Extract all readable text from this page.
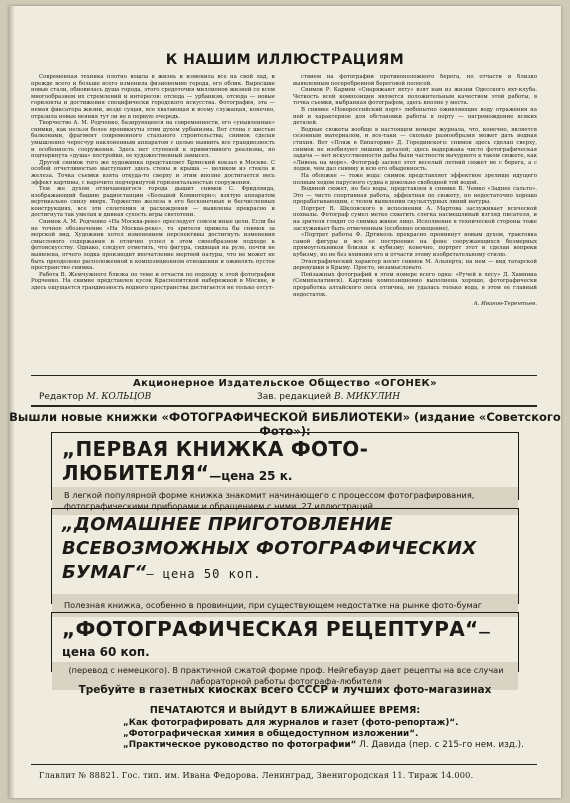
К НАШИМ ИЛЛЮСТРАЦИЯМ

Современная техника плотно вошла в жизнь и изменила все на свой лад, и прежде всего и больше всего изменила физиономию города, его облик. Выросшие новые стали, обновилась душа города, этого средоточия миллионов жизней со всем многообразием их стремлений и интересов: отсюда — урбанизм, отсюда — новые горизонты и достижения специфически городского искусства. Фотография, эта — немая фиксатора жизни, везде сущая, все хватающая и всему служащая, конечно, отразила новые веяния тут ли не в первую очередь.

Творчество А. М. Родченко, базирующееся на современности, его «унывленные» снимки, как нельзя более проникнуты этим духом урбанизма. Вот стена с шестью балконами, фрагмент современного стального строительства; снимок сделан умышленно чересчур наклоненным аппаратом с целью выявить все грандиозность и особенность сооружения. Здесь нет ступеней к примитивного реализма, но подчеркнута «душа» постройки, ее художественный замысел.

Другой снимок того же художника представляет Брянский вокзал в Москве. С особой отчетливостью выступают здесь стены и крыша — целиком из стекла и железа. Точка съемки взята откуда-то сверху и этим вполне достигается весь эффект картины, с нарочито подчеркнутой горизонтальностью сооружения.

Тем же духом отличающегося города дышит снимок С. Фридлянда, изображающий башню радиостанции «Большой Коминтерн»; взятую аппаратом вертикально снизу вверх. Торжество железа в его бесконечных и бесчисленных конструкциях, все эти сплетения и расхождения — выявлены прекрасно и достигнута так умелая и дивная сухость игры светотени.

Снимок А. М. Родченко «На Москва-реке» преследует совсем иные цели. Если бы не точное обозначение «На Москва-реке», то зрителя привела бы снимок за морской вид. Художник хотел изменением перспективы достигнуть изменения смыслового содержания и отлично успел в этом своеобразном подходе к фотоискусству. Однако, следует отметить, что фигура, сидящая на руле, почти не выявлена, отчего лодка производит впечатление мертвой натуры, что не может не быть преодолено расположенной в композиционном отношении и оживлять пустое пространство снимка.

Работа В. Жемчужного близка по теме и отчасти по подходу к этой фотографии Родченко. На снимке представлен кусок Краснопитской набережной в Москве, и здесь ощущается грандиозность водного пространства достигается не только отсут-

ствием на фотографии противоположного берега, но отчасти и близко выявленным посеребренной береговой полосой.

Снимок Р. Кармен «Снаряжают яхту» взят нам из жизни Одесского яхт-клуба. Четкость всей композиции является положительным качеством этой работы, в точка съемки, выбранная фотографом, здесь вполне у места.

В снимке «Новороссийский порт» любопытно оживляющие воду отражения на ней и характерное для обстановки работы в порту — нагромождение всяких деталей.

Водные сюжеты вообще в настоящем номере журнала, что, конечно, является сезонным материалом, и все-таки — сколько разнообразия может дать водная стихия. Вот «Пляж в Евпатории» Д. Городинского: снимок здесь сделан сверху, снимок не изобилуют лишних деталей; здесь выдержана чисто фотографическая задача — нет искусственности дабы были частности вычурного в таком сюжете, как «Ливень на море». Фотограф заснял этот веселый летний сюжет не с берега, а с лодки, чем дал снимку и всю его обыденность.

На обложке — тоже вода: снимок представляет эффектное зрелище идущего полным ходом парусного судна в довольно свободной той водой.

Водяной сюжет, но без воды, представлен в снимке В. Чемко «Заднее сальто». Это — чисто спортивная работа, эффектная по сюжету, по недостаточно хорошо прорабатывающим, с телом выявлении скульптурных линий натуры.

Портрет В. Шкловского в исполнении А. Мартова заслуживает всяческой похвалы. Фотограф сумел метко схватить слегка насмешливый взгляд писателя, и на зрителя глядит со снимка живое лицо. Исполнение в технической стороны тоже заслуживает быть отмеченным (особенно освещение).

«Портрет работы Ф. Дртиколь прекрасно проникнут новым духом, трактовка самой фигуры и все ее построение на фоне сооружающихся безмерных прямоугольников близки к кубизму; конечно, портрет этот и сделан вопреки кубизму, но не без влияния его и отчасти этому изобретательному стилю.

Этнографический характер носит снимок М. Альперта; на нем — вид татарской деревушки в Крыму. Просто, незамысловато.

Пейзажных фотографий в этом номере всего одна: «Ручей в лесу» Д. Хамнина (Семипалатинск). Картина композиционно выполнена хорошо, фотографически проработка алтайского леса отлична, не удалась только вода, в этом ее главный недостаток.

А. Иванов-Терентьев.

Акционерное Издательское Общество «ОГОНЕК»
Редактор М. КОЛЬЦОВ	Зав. редакцией В. МИКУЛИН
Вышли новые книжки «ФОТОГРАФИЧЕСКОЙ БИБЛИОТЕКИ» (издание «Советского Фото»):
„ПЕРВАЯ КНИЖКА ФОТО-ЛЮБИТЕЛЯ“—цена 25 к.
В легкой популярной форме книжка знакомит начинающего с процессом фотографирования, фотографическими приборами и обращением с ними. 27 иллюстраций
„ДОМАШНЕЕ ПРИГОТОВЛЕНИЕ ВСЕВОЗМОЖНЫХ ФОТОГРАФИЧЕСКИХ БУМАГ“— цена 50 коп.
Полезная книжка, особенно в провинции, при существующем недостатке на рынке фото-бумаг
„ФОТОГРАФИЧЕСКАЯ РЕЦЕПТУРА“—цена 60 коп.
(перевод с немецкого). В практичной сжатой форме проф. Нейгебауэр дает рецепты на все случаи лабораторной работы фотографа-любителя
Требуйте в газетных киосках всего СССР и лучших фото-магазинах
ПЕЧАТАЮТСЯ И ВЫЙДУТ В БЛИЖАЙШЕЕ ВРЕМЯ:
„Как фотографировать для журналов и газет (фото-репортаж)“.
„Фотографическая химия в общедоступном изложении“.
„Практическое руководство по фотографии“ Л. Давида (пер. с 215-го нем. изд.).
Главлит № 88821. Гос. тип. им. Ивана Федорова. Ленинград, Звенигородская 11. Тираж 14.000.
